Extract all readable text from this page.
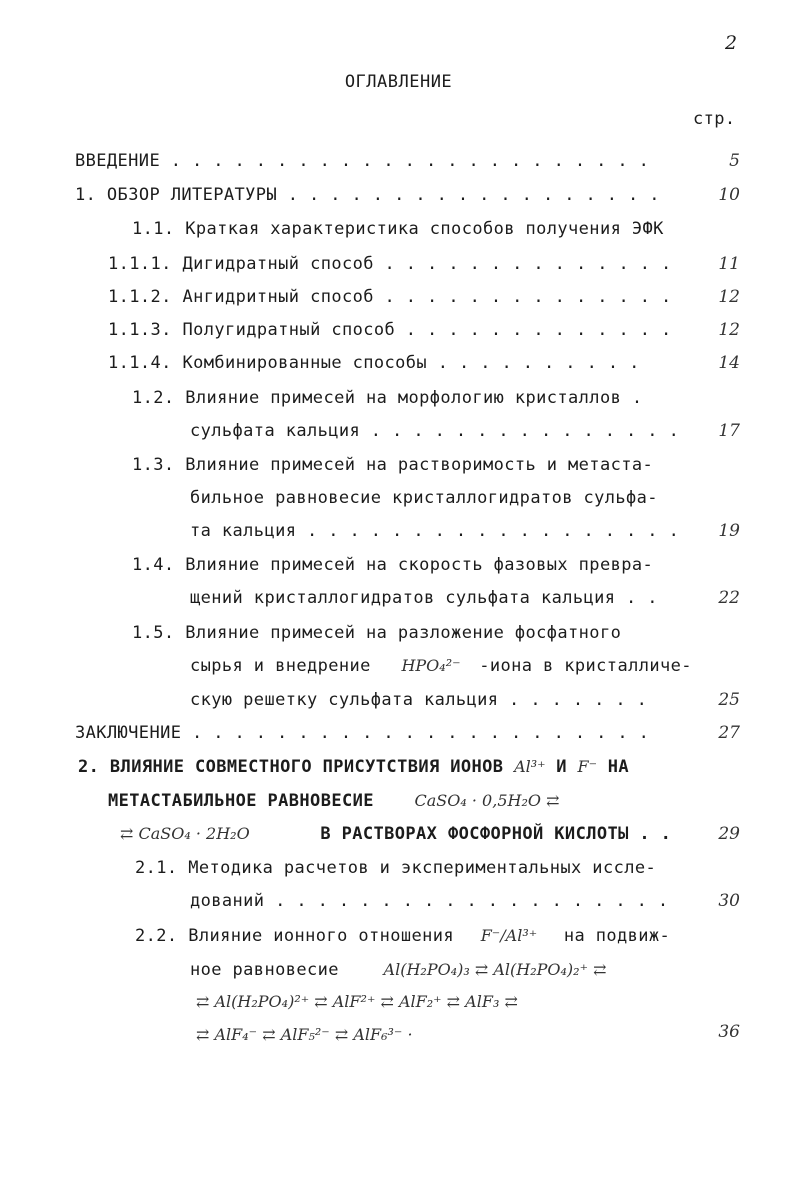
2
ОГЛАВЛЕНИЕ
стр.
ВВЕДЕНИЕ . . . . . . . . . . . . . . . . . . . . . . .	5
1. ОБЗОР ЛИТЕРАТУРЫ . . . . . . . . . . . . . . . . . .	10
1.1. Краткая характеристика способов получения ЭФК
1.1.1. Дигидратный способ . . . . . . . . . . . . . .	11
1.1.2. Ангидритный способ . . . . . . . . . . . . . .	12
1.1.3. Полугидратный способ . . . . . . . . . . . . .	12
1.1.4. Комбинированные способы . . . . . . . . . .	14
1.2. Влияние примесей на морфологию кристаллов .
сульфата кальция . . . . . . . . . . . . . . .	17
1.3. Влияние примесей на растворимость и метаста-
бильное равновесие кристаллогидратов сульфа-
та кальция . . . . . . . . . . . . . . . . . .	19
1.4. Влияние примесей на скорость фазовых превра-
щений кристаллогидратов сульфата кальция . .	22
1.5. Влияние примесей на разложение фосфатного
сырья и внедрение HPO₄²⁻ -иона в кристалличе-
скую решетку сульфата кальция . . . . . . .	25
ЗАКЛЮЧЕНИЕ . . . . . . . . . . . . . . . . . . . . . .	27
2. ВЛИЯНИЕ СОВМЕСТНОГО ПРИСУТСТВИЯ ИОНОВ Al³⁺ И F⁻ НА
МЕТАСТАБИЛЬНОЕ РАВНОВЕСИЕ	CaSO₄ · 0,5H₂O ⇄
⇄ CaSO₄ · 2H₂O	В РАСТВОРАХ ФОСФОРНОЙ КИСЛОТЫ . .	29
2.1. Методика расчетов и экспериментальных иссле-
дований . . . . . . . . . . . . . . . . . . .	30
2.2. Влияние ионного отношения F⁻/Al³⁺ на подвиж-
ное равновесие	Al(H₂PO₄)₃ ⇄ Al(H₂PO₄)₂⁺ ⇄
⇄ Al(H₂PO₄)²⁺ ⇄ AlF²⁺ ⇄ AlF₂⁺ ⇄ AlF₃ ⇄
⇄ AlF₄⁻ ⇄ AlF₅²⁻ ⇄ AlF₆³⁻ ·	36
